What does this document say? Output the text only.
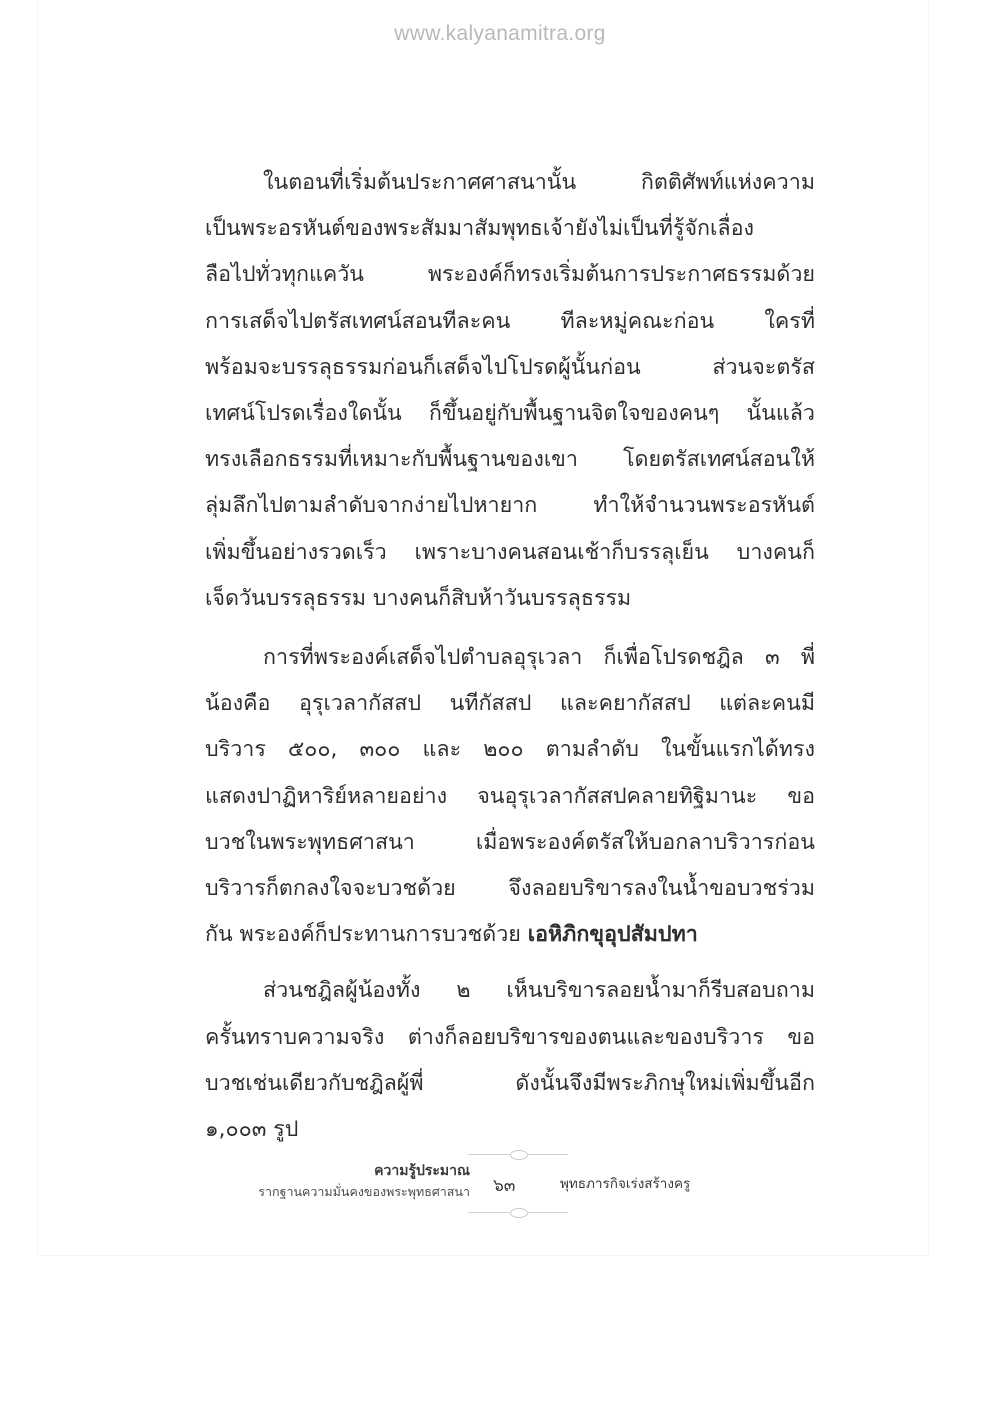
www.kalyanamitra.org

ในตอนที่เริ่มต้นประกาศศาสนานั้น กิตติศัพท์แห่งความ
เป็นพระอรหันต์ของพระสัมมาสัมพุทธเจ้ายังไม่เป็นที่รู้จักเลื่อง
ลือไปทั่วทุกแควัน พระองค์ก็ทรงเริ่มต้นการประกาศธรรมด้วย
การเสด็จไปตรัสเทศน์สอนทีละคน ทีละหมู่คณะก่อน ใครที่
พร้อมจะบรรลุธรรมก่อนก็เสด็จไปโปรดผู้นั้นก่อน ส่วนจะตรัส
เทศน์โปรดเรื่องใดนั้น ก็ขึ้นอยู่กับพื้นฐานจิตใจของคนๆ นั้นแล้ว
ทรงเลือกธรรมที่เหมาะกับพื้นฐานของเขา โดยตรัสเทศน์สอนให้
ลุ่มลึกไปตามลำดับจากง่ายไปหายาก ทำให้จำนวนพระอรหันต์
เพิ่มขึ้นอย่างรวดเร็ว เพราะบางคนสอนเช้าก็บรรลุเย็น บางคนก็
เจ็ดวันบรรลุธรรม บางคนก็สิบห้าวันบรรลุธรรม

การที่พระองค์เสด็จไปตำบลอุรุเวลา ก็เพื่อโปรดชฎิล ๓ พี่
น้องคือ อุรุเวลากัสสป นทีกัสสป และคยากัสสป แต่ละคนมี
บริวาร ๕๐๐, ๓๐๐ และ ๒๐๐ ตามลำดับ ในขั้นแรกได้ทรง
แสดงปาฏิหาริย์หลายอย่าง จนอุรุเวลากัสสปคลายทิฐิมานะ ขอ
บวชในพระพุทธศาสนา เมื่อพระองค์ตรัสให้บอกลาบริวารก่อน
บริวารก็ตกลงใจจะบวชด้วย จึงลอยบริขารลงในน้ำขอบวชร่วม
กัน พระองค์ก็ประทานการบวชด้วย เอหิภิกขุอุปสัมปทา

ส่วนชฎิลผู้น้องทั้ง ๒ เห็นบริขารลอยน้ำมาก็รีบสอบถาม
ครั้นทราบความจริง ต่างก็ลอยบริขารของตนและของบริวาร ขอ
บวชเช่นเดียวกับชฎิลผู้พี่ ดังนั้นจึงมีพระภิกษุใหม่เพิ่มขึ้นอีก
๑,๐๐๓ รูป

ความรู้ประมาณ
รากฐานความมั่นคงของพระพุทธศาสนา ๖๓	พุทธภารกิจเร่งสร้างครู
